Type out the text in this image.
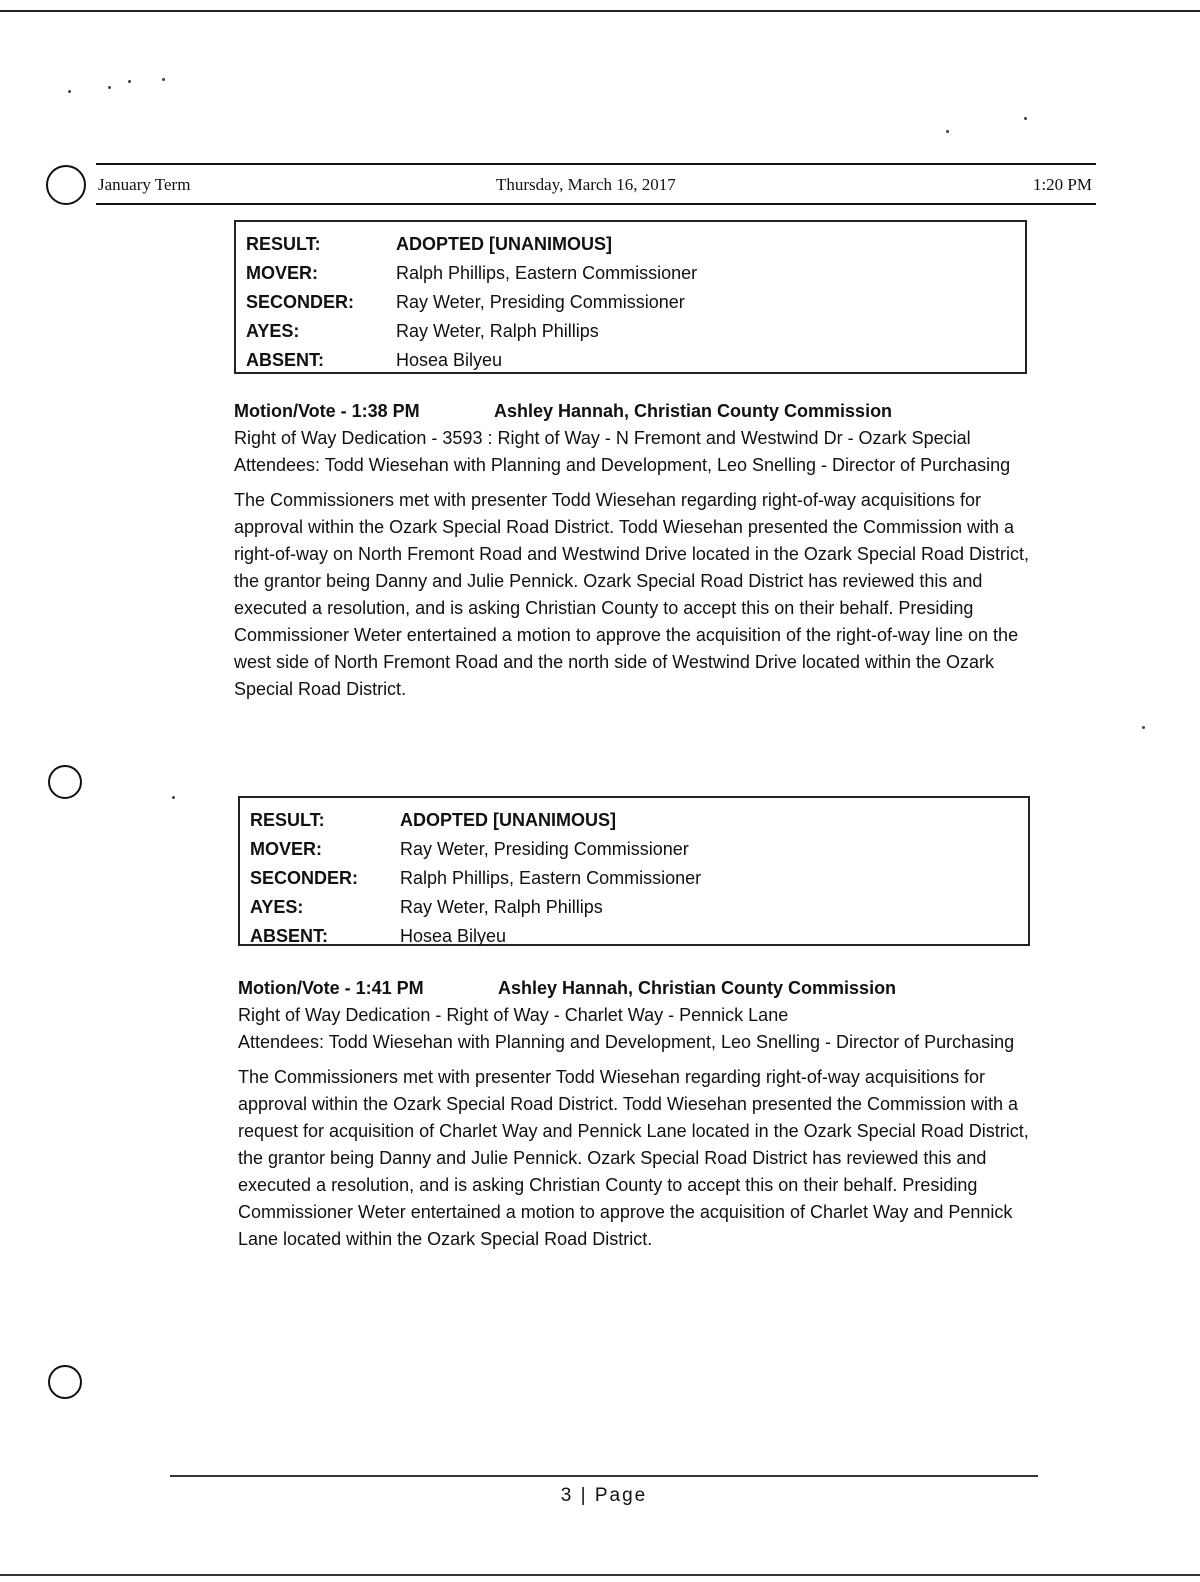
January Term	Thursday, March 16, 2017	1:20 PM
RESULT:	ADOPTED [UNANIMOUS]
MOVER:	Ralph Phillips, Eastern Commissioner
SECONDER:	Ray Weter, Presiding Commissioner
AYES:	Ray Weter, Ralph Phillips
ABSENT:	Hosea Bilyeu
Motion/Vote - 1:38 PM	Ashley Hannah, Christian County Commission

Right of Way Dedication - 3593 : Right of Way - N Fremont and Westwind Dr - Ozark Special

Attendees: Todd Wiesehan with Planning and Development, Leo Snelling - Director of Purchasing

The Commissioners met with presenter Todd Wiesehan regarding right-of-way acquisitions for approval within the Ozark Special Road District. Todd Wiesehan presented the Commission with a right-of-way on North Fremont Road and Westwind Drive located in the Ozark Special Road District, the grantor being Danny and Julie Pennick. Ozark Special Road District has reviewed this and executed a resolution, and is asking Christian County to accept this on their behalf. Presiding Commissioner Weter entertained a motion to approve the acquisition of the right-of-way line on the west side of North Fremont Road and the north side of Westwind Drive located within the Ozark Special Road District.

RESULT:	ADOPTED [UNANIMOUS]
MOVER:	Ray Weter, Presiding Commissioner
SECONDER:	Ralph Phillips, Eastern Commissioner
AYES:	Ray Weter, Ralph Phillips
ABSENT:	Hosea Bilyeu
Motion/Vote - 1:41 PM	Ashley Hannah, Christian County Commission

Right of Way Dedication - Right of Way - Charlet Way - Pennick Lane

Attendees: Todd Wiesehan with Planning and Development, Leo Snelling - Director of Purchasing

The Commissioners met with presenter Todd Wiesehan regarding right-of-way acquisitions for approval within the Ozark Special Road District. Todd Wiesehan presented the Commission with a request for acquisition of Charlet Way and Pennick Lane located in the Ozark Special Road District, the grantor being Danny and Julie Pennick. Ozark Special Road District has reviewed this and executed a resolution, and is asking Christian County to accept this on their behalf. Presiding Commissioner Weter entertained a motion to approve the acquisition of Charlet Way and Pennick Lane located within the Ozark Special Road District.

3 | Page
